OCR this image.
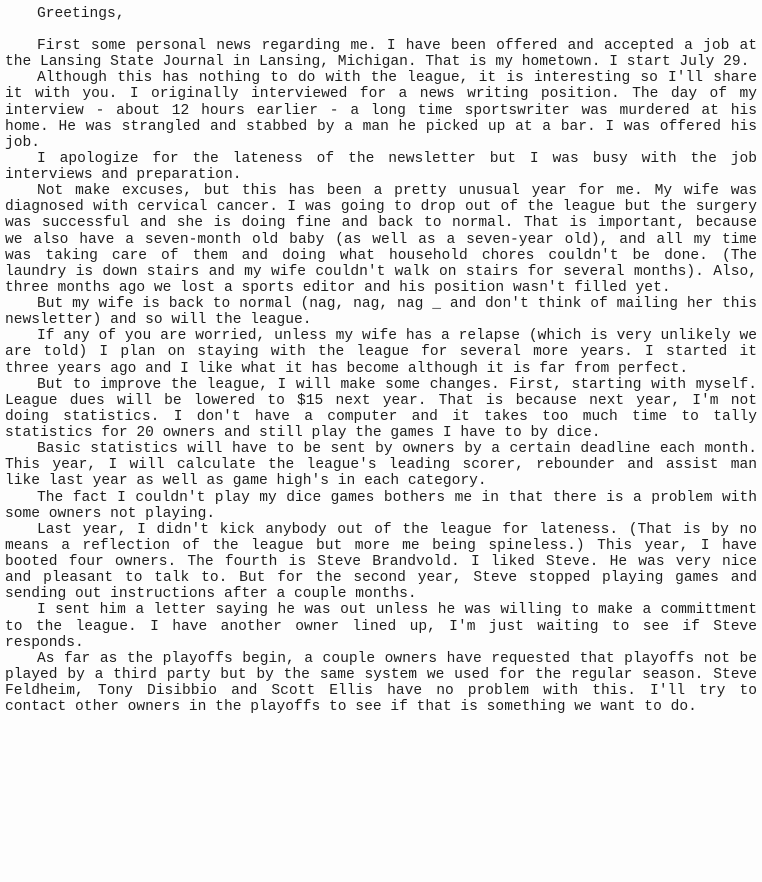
Greetings,

First some personal news regarding me. I have been offered and accepted a job at the Lansing State Journal in Lansing, Michigan. That is my hometown. I start July 29.

Although this has nothing to do with the league, it is interesting so I'll share it with you. I originally interviewed for a news writing position. The day of my interview - about 12 hours earlier - a long time sportswriter was murdered at his home. He was strangled and stabbed by a man he picked up at a bar. I was offered his job.

I apologize for the lateness of the newsletter but I was busy with the job interviews and preparation.

Not make excuses, but this has been a pretty unusual year for me. My wife was diagnosed with cervical cancer. I was going to drop out of the league but the surgery was successful and she is doing fine and back to normal. That is important, because we also have a seven-month old baby (as well as a seven-year old), and all my time was taking care of them and doing what household chores couldn't be done. (The laundry is down stairs and my wife couldn't walk on stairs for several months). Also, three months ago we lost a sports editor and his position wasn't filled yet.

But my wife is back to normal (nag, nag, nag _ and don't think of mailing her this newsletter) and so will the league.

If any of you are worried, unless my wife has a relapse (which is very unlikely we are told) I plan on staying with the league for several more years. I started it three years ago and I like what it has become although it is far from perfect.

But to improve the league, I will make some changes. First, starting with myself. League dues will be lowered to $15 next year. That is because next year, I'm not doing statistics. I don't have a computer and it takes too much time to tally statistics for 20 owners and still play the games I have to by dice.

Basic statistics will have to be sent by owners by a certain deadline each month. This year, I will calculate the league's leading scorer, rebounder and assist man like last year as well as game high's in each category.

The fact I couldn't play my dice games bothers me in that there is a problem with some owners not playing.

Last year, I didn't kick anybody out of the league for lateness. (That is by no means a reflection of the league but more me being spineless.) This year, I have booted four owners. The fourth is Steve Brandvold. I liked Steve. He was very nice and pleasant to talk to. But for the second year, Steve stopped playing games and sending out instructions after a couple months.

I sent him a letter saying he was out unless he was willing to make a committment to the league. I have another owner lined up, I'm just waiting to see if Steve responds.

As far as the playoffs begin, a couple owners have requested that playoffs not be played by a third party but by the same system we used for the regular season. Steve Feldheim, Tony Disibbio and Scott Ellis have no problem with this. I'll try to contact other owners in the playoffs to see if that is something we want to do.
